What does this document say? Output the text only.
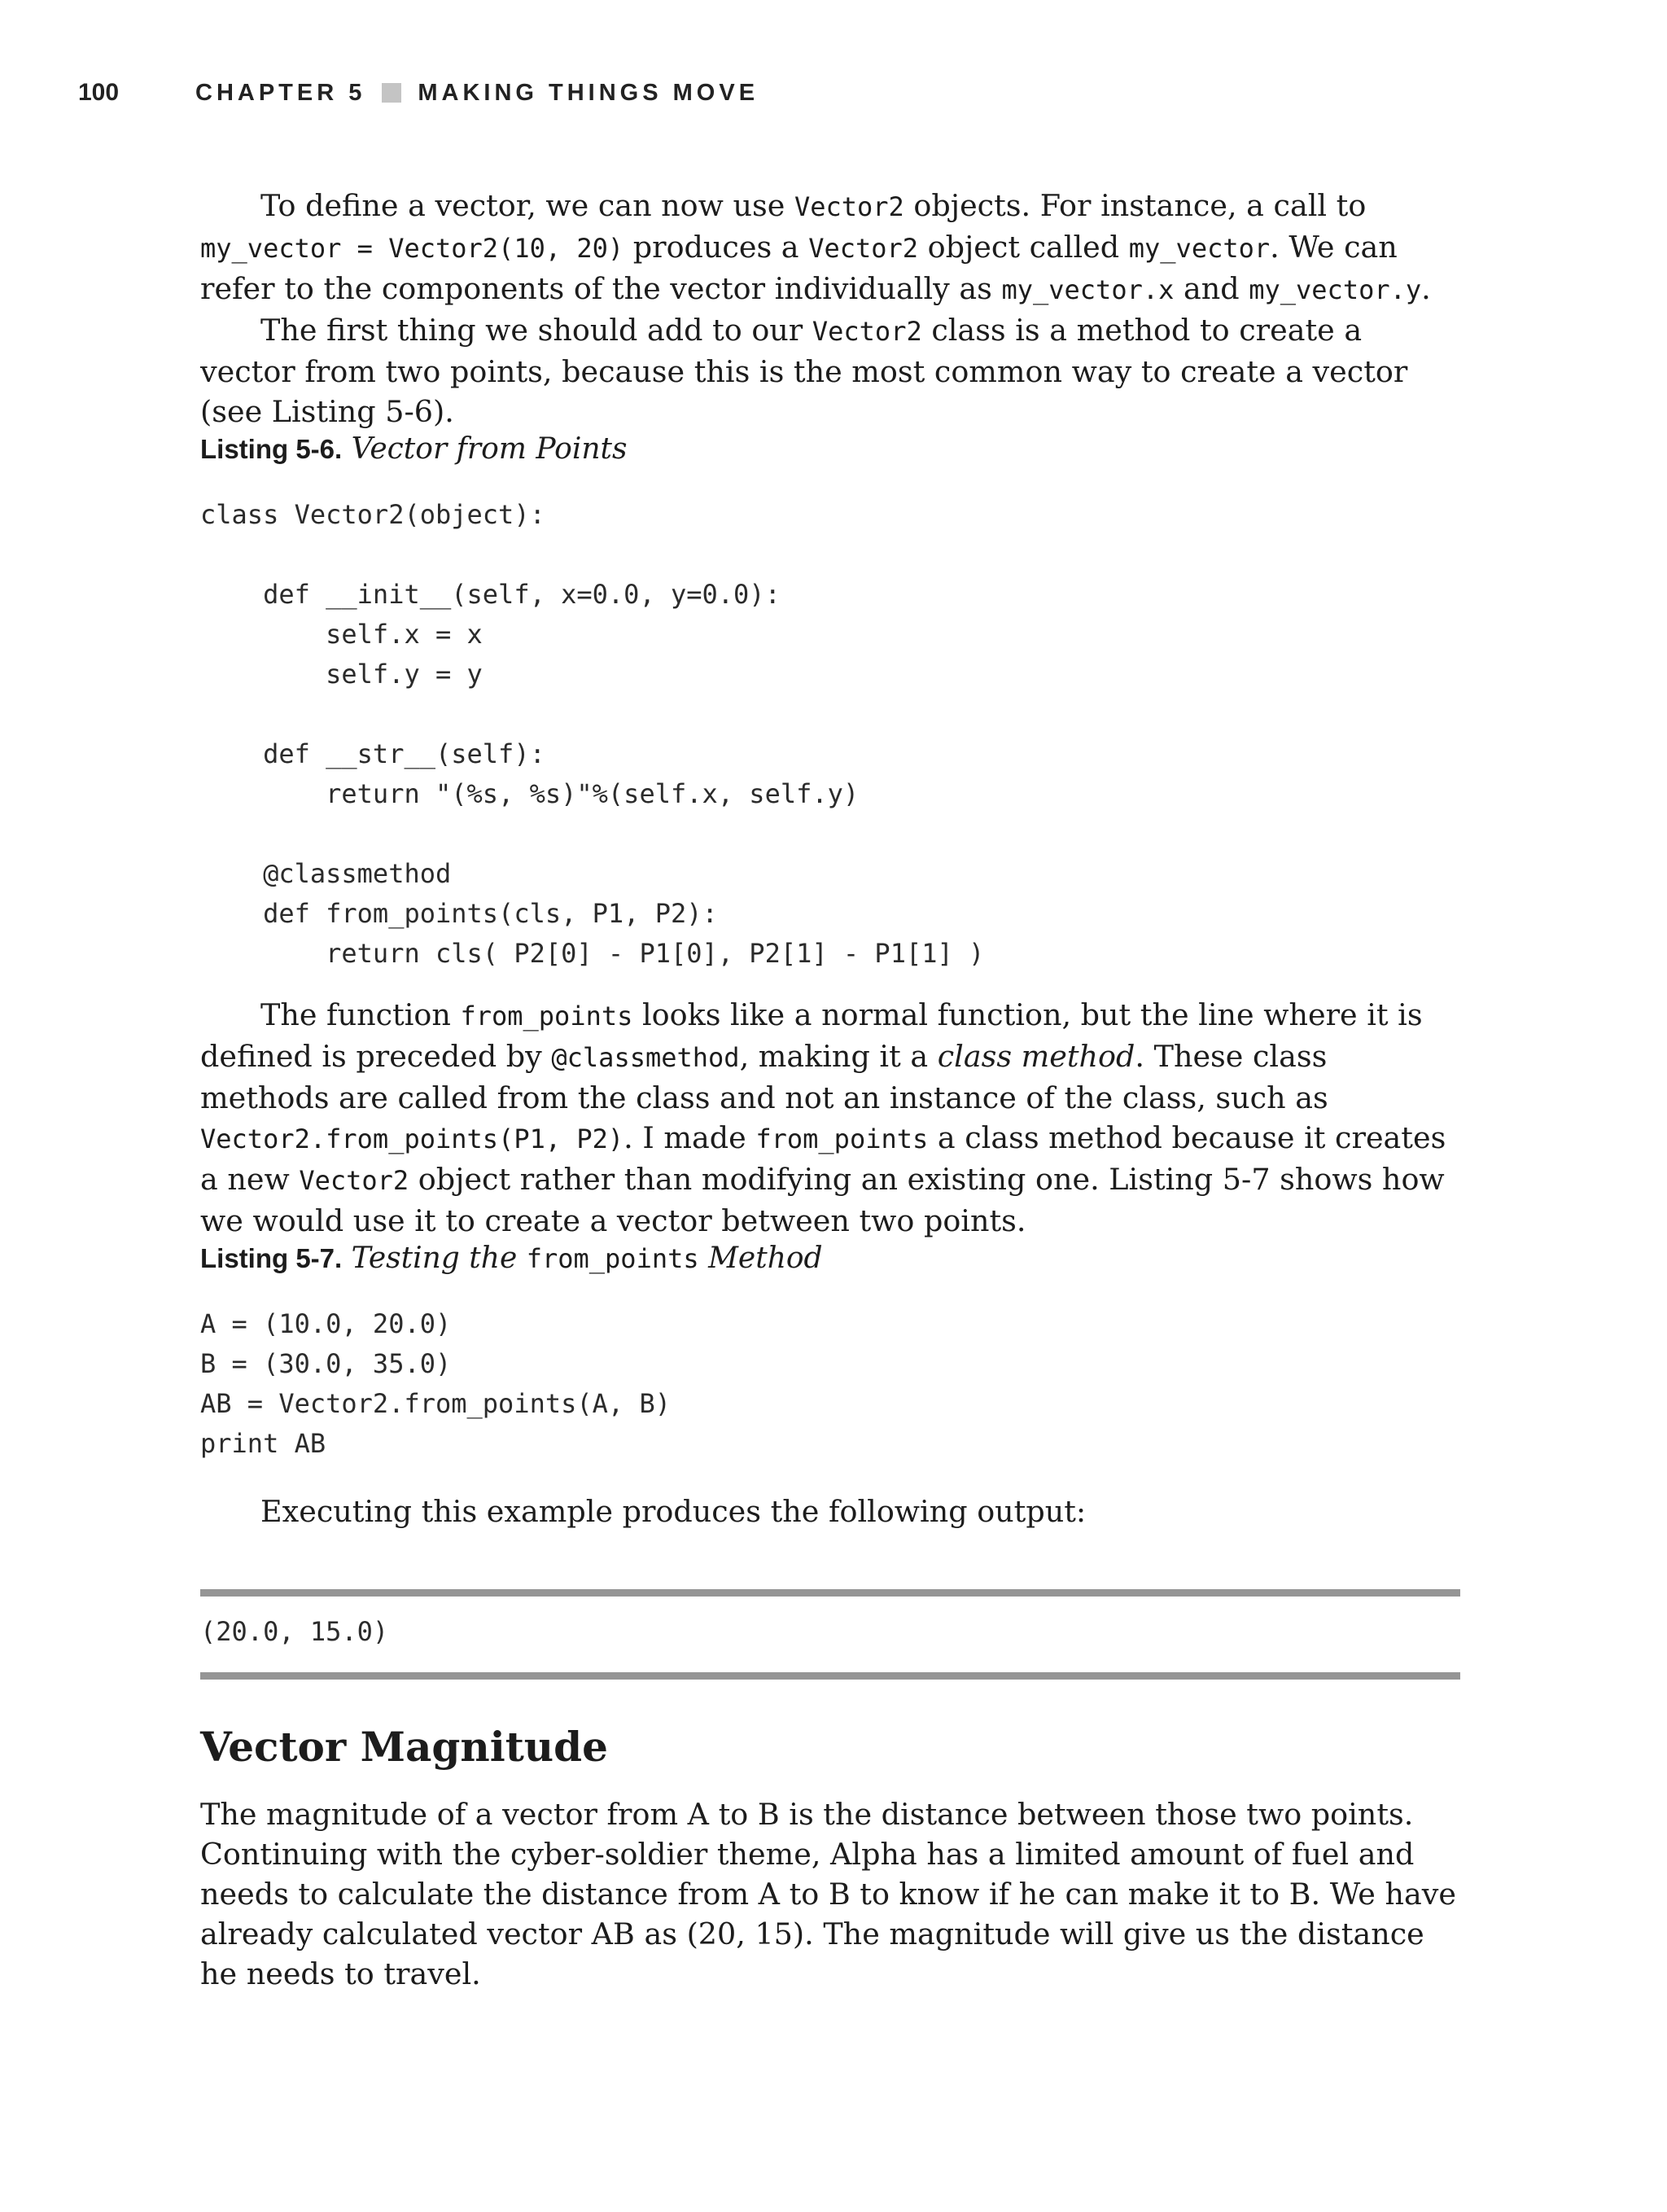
100	CHAPTER 5 MAKING THINGS MOVE

To define a vector, we can now use Vector2 objects. For instance, a call to my_vector = Vector2(10, 20) produces a Vector2 object called my_vector. We can refer to the components of the vector individually as my_vector.x and my_vector.y.

The first thing we should add to our Vector2 class is a method to create a vector from two points, because this is the most common way to create a vector (see Listing 5-6).

Listing 5-6. Vector from Points
class Vector2(object):

def __init__(self, x=0.0, y=0.0):
self.x = x
self.y = y

def __str__(self):
return "(%s, %s)"%(self.x, self.y)

@classmethod
def from_points(cls, P1, P2):
return cls( P2[0] - P1[0], P2[1] - P1[1] )

The function from_points looks like a normal function, but the line where it is defined is preceded by @classmethod, making it a class method. These class methods are called from the class and not an instance of the class, such as Vector2.from_points(P1, P2). I made from_points a class method because it creates a new Vector2 object rather than modifying an existing one. Listing 5-7 shows how we would use it to create a vector between two points.

Listing 5-7. Testing the from_points Method
A = (10.0, 20.0)
B = (30.0, 35.0)
AB = Vector2.from_points(A, B)
print AB

Executing this example produces the following output:

(20.0, 15.0)
Vector Magnitude

The magnitude of a vector from A to B is the distance between those two points. Continuing with the cyber-soldier theme, Alpha has a limited amount of fuel and needs to calculate the distance from A to B to know if he can make it to B. We have already calculated vector AB as (20, 15). The magnitude will give us the distance he needs to travel.
